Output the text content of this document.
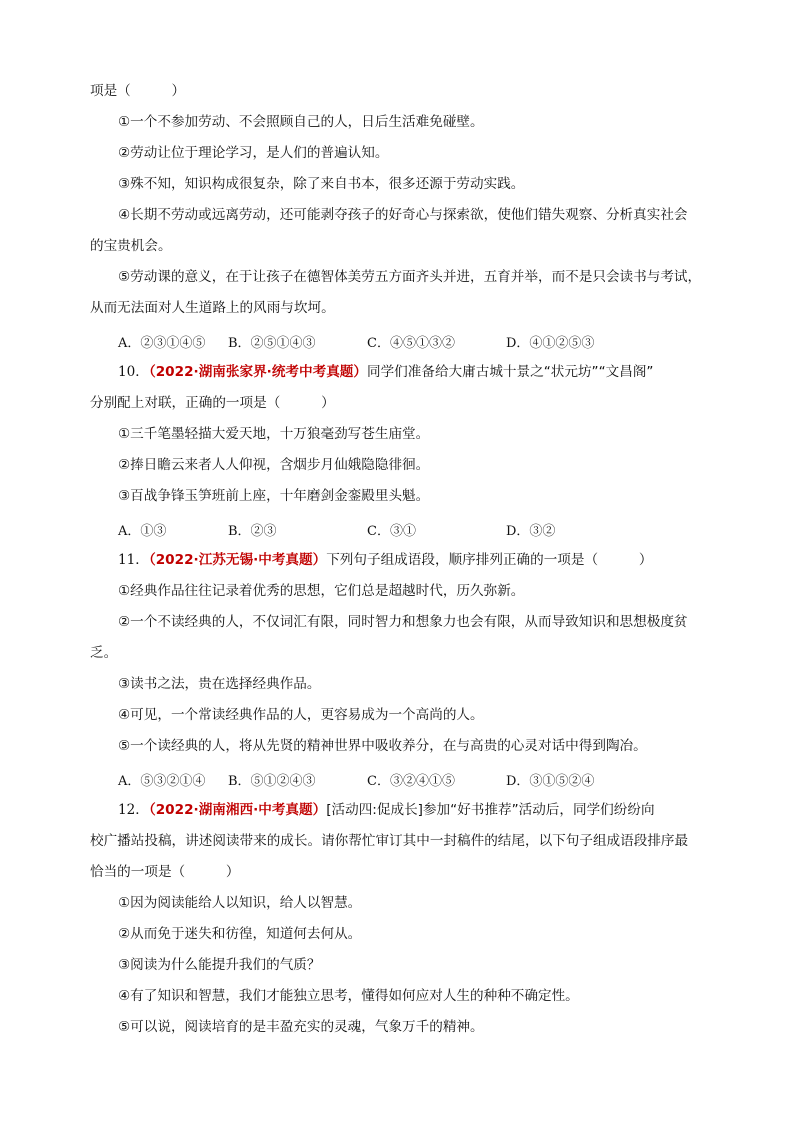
项是（　　　）
①一个不参加劳动、不会照顾自己的人，日后生活难免碰壁。
②劳动让位于理论学习，是人们的普遍认知。
③殊不知，知识构成很复杂，除了来自书本，很多还源于劳动实践。
④长期不劳动或远离劳动，还可能剥夺孩子的好奇心与探索欲，使他们错失观察、分析真实社会
的宝贵机会。
⑤劳动课的意义，在于让孩子在德智体美劳五方面齐头并进，五育并举，而不是只会读书与考试，
从而无法面对人生道路上的风雨与坎坷。
A．②③①④⑤ B．②⑤①④③	C．④⑤①③②	D．④①②⑤③
10．（2022·湖南张家界·统考中考真题）同学们准备给大庸古城十景之“状元坊”“文昌阁”
分别配上对联，正确的一项是（　　　）
①三千笔墨轻描大爱天地，十万狼毫劲写苍生庙堂。
②捧日瞻云来者人人仰视，含烟步月仙娥隐隐徘徊。
③百战争锋玉笋班前上座，十年磨剑金銮殿里头魁。
A．①③	B．②③	C．③①	D．③②
11．（2022·江苏无锡·中考真题）下列句子组成语段，顺序排列正确的一项是（　　　）
①经典作品往往记录着优秀的思想，它们总是超越时代，历久弥新。
②一个不读经典的人，不仅词汇有限，同时智力和想象力也会有限，从而导致知识和思想极度贫
乏。
③读书之法，贵在选择经典作品。
④可见，一个常读经典作品的人，更容易成为一个高尚的人。
⑤一个读经典的人，将从先贤的精神世界中吸收养分，在与高贵的心灵对话中得到陶冶。
A．⑤③②①④ B．⑤①②④③	C．③②④①⑤	D．③①⑤②④
12．（2022·湖南湘西·中考真题）[活动四:促成长]参加“好书推荐”活动后，同学们纷纷向
校广播站投稿，讲述阅读带来的成长。请你帮忙审订其中一封稿件的结尾，以下句子组成语段排序最
恰当的一项是（　　　）
①因为阅读能给人以知识，给人以智慧。
②从而免于迷失和彷徨，知道何去何从。
③阅读为什么能提升我们的气质？
④有了知识和智慧，我们才能独立思考，懂得如何应对人生的种种不确定性。
⑤可以说，阅读培育的是丰盈充实的灵魂，气象万千的精神。
